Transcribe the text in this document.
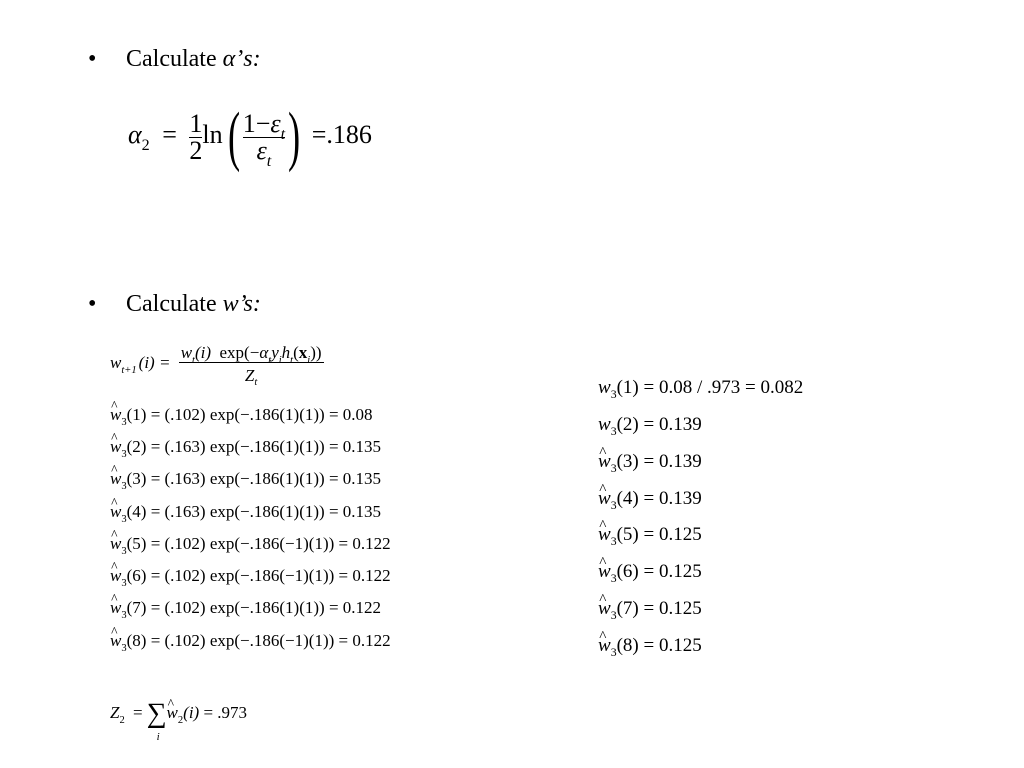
• Calculate α’s:
$\alpha_2 = \frac{1}{2} \ln( \frac{1-\varepsilon_t}{\varepsilon_t}$ ) =.186
• Calculate w’s:
$w_{t+1}$ $(i) = \frac{w_t(i) \exp(-\alpha_ty_ih_t(x_i))}{Z_t}$
^ $w_3(1) = (.102) \exp(-.186(1)(1)) = 0.08$
^ $w_3(2) = (.163) \exp(-.186(1)(1)) = 0.135$
^ $w_3(3) = (.163) \exp(-.186(1)(1)) = 0.135$
^ $w_3(4) = (.163) \exp(-.186(1)(1)) = 0.135$
^ $w_3(5) = (.102) \exp(-.186(-1)(1)) = 0.122$
^ $w_3(6) = (.102) \exp(-.186(-1)(1)) = 0.122$
^ $w_3(7) = (.102) \exp(-.186(1)(1)) = 0.122$
^ $w_3(8) = (.102) \exp(-.186(-1)(1)) = 0.122$
$w_3(1) = 0.08 / .973 = 0.082$
$w_3(2) = 0.139$
^ $w_3(3) = 0.139$
^ $w_3(4) = 0.139$
^ $w_3(5) = 0.125$
^ $w_3(6) = 0.125$
^ $w_3(7) = 0.125$
^ $w_3(8) = 0.125$
$Z_2$ = ∑
i
^ $w_2(i) = .973$
